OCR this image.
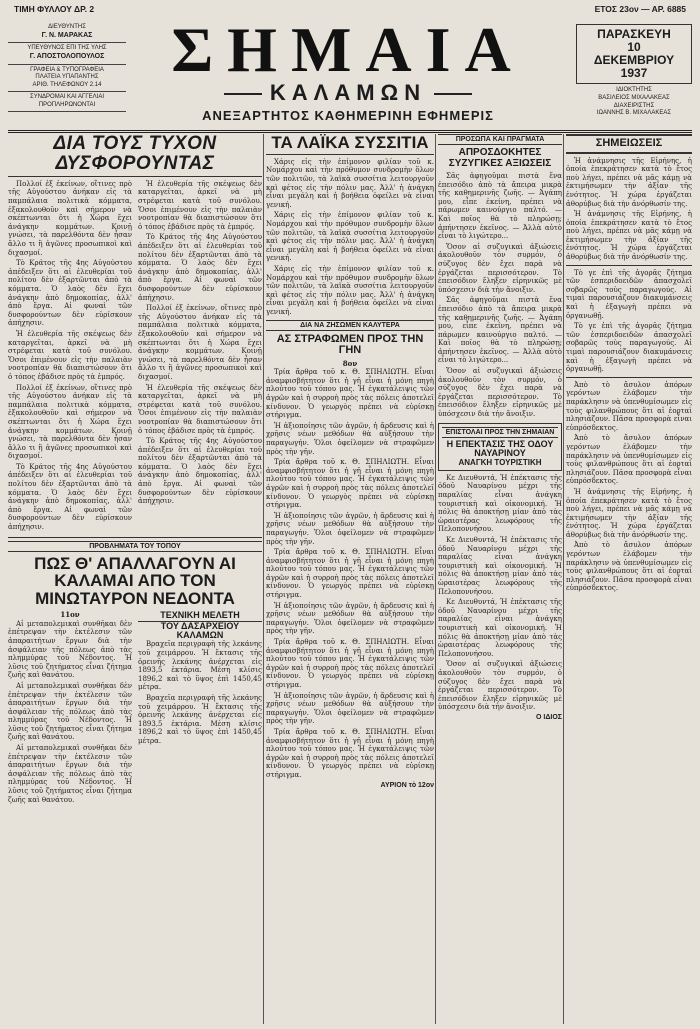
ΤΙΜΗ ΦΥΛΛΟΥ ΔΡ. 2	ΕΤΟΣ 23ον — ΑΡ. 6885
ΔΙΕΥΘΥΝΤΗΣ
Γ. Ν. ΜΑΡΑΚΑΣ
ΥΠΕΥΘΥΝΟΣ ΕΠΙ ΤΗΣ ΥΛΗΣ
Γ. ΑΠΟΣΤΟΛΟΠΟΥΛΟΣ
ΓΡΑΦΕΙΑ & ΤΥΠΟΓΡΑΦΕΙΑ
ΠΛΑΤΕΙΑ ΥΠΑΠΑΝΤΗΣ
ΑΡΙΘ. ΤΗΛΕΦΩΝΟΥ 2.14
ΣΥΝΔΡΟΜΑΙ ΚΑΙ ΑΓΓΕΛΙΑΙ ΠΡΟΠΛΗΡΩΝΟΝΤΑΙ
ΣΗΜΑΙΑ
ΚΑΛΑΜΩΝ
ΑΝΕΞΑΡΤΗΤΟΣ ΚΑΘΗΜΕΡΙΝΗ ΕΦΗΜΕΡΙΣ
ΠΑΡΑΣΚΕΥΗ
10
ΔΕΚΕΜΒΡΙΟΥ
1937
ΙΔΙΟΚΤΗΤΗΣ
ΒΑΣΙΛΕΙΟΣ ΜΙΧΑΛΑΚΕΑΣ
ΔΙΑΧΕΙΡΙΣΤΗΣ
ΙΩΑΝΝΗΣ Β. ΜΙΧΑΛΑΚΕΑΣ
ΔΙΑ ΤΟΥΣ ΤΥΧΟΝ ΔΥΣΦΟΡΟΥΝΤΑΣ

Πολλοί ἐξ ἐκείνων, οἵτινες πρὸ τῆς Αὐγούστου ἀνήκαν εἰς τὰ παμπάλαια πολιτικὰ κόμματα, ἐξακολουθοῦν καὶ σήμερον νὰ σκέπτωνται ὅτι ἡ Χώρα ἔχει ἀνάγκην κομμάτων. Κοινῇ γνώσει, τὰ παρελθόντα δὲν ἦσαν ἄλλο τι ἢ ἀγῶνες προσωπικοὶ καὶ διχασμοί.

Τὸ Κράτος τῆς 4ης Αὐγούστου ἀπέδειξεν ὅτι αἱ ἐλευθερίαι τοῦ πολίτου δὲν ἐξαρτῶνται ἀπὸ τὰ κόμματα. Ὁ λαὸς δὲν ἔχει ἀνάγκην ἀπὸ δημοκοπίας, ἀλλ' ἀπὸ ἔργα. Αἱ φωναὶ τῶν δυσφορούντων δὲν εὑρίσκουν ἀπήχησιν.

Ἡ ἐλευθερία τῆς σκέψεως δὲν καταργεῖται, ἀρκεῖ νὰ μὴ στρέφεται κατὰ τοῦ συνόλου. Ὅσοι ἐπιμένουν εἰς τὴν παλαιὰν νοοτροπίαν θὰ διαπιστώσουν ὅτι ὁ τόπος ἐβάδισε πρὸς τὰ ἐμπρός.

Πολλοί ἐξ ἐκείνων, οἵτινες πρὸ τῆς Αὐγούστου ἀνήκαν εἰς τὰ παμπάλαια πολιτικὰ κόμματα, ἐξακολουθοῦν καὶ σήμερον νὰ σκέπτωνται ὅτι ἡ Χώρα ἔχει ἀνάγκην κομμάτων. Κοινῇ γνώσει, τὰ παρελθόντα δὲν ἦσαν ἄλλο τι ἢ ἀγῶνες προσωπικοὶ καὶ διχασμοί.

Τὸ Κράτος τῆς 4ης Αὐγούστου ἀπέδειξεν ὅτι αἱ ἐλευθερίαι τοῦ πολίτου δὲν ἐξαρτῶνται ἀπὸ τὰ κόμματα. Ὁ λαὸς δὲν ἔχει ἀνάγκην ἀπὸ δημοκοπίας, ἀλλ' ἀπὸ ἔργα. Αἱ φωναὶ τῶν δυσφορούντων δὲν εὑρίσκουν ἀπήχησιν.

Ἡ ἐλευθερία τῆς σκέψεως δὲν καταργεῖται, ἀρκεῖ νὰ μὴ στρέφεται κατὰ τοῦ συνόλου. Ὅσοι ἐπιμένουν εἰς τὴν παλαιὰν νοοτροπίαν θὰ διαπιστώσουν ὅτι ὁ τόπος ἐβάδισε πρὸς τὰ ἐμπρός.

Τὸ Κράτος τῆς 4ης Αὐγούστου ἀπέδειξεν ὅτι αἱ ἐλευθερίαι τοῦ πολίτου δὲν ἐξαρτῶνται ἀπὸ τὰ κόμματα. Ὁ λαὸς δὲν ἔχει ἀνάγκην ἀπὸ δημοκοπίας, ἀλλ' ἀπὸ ἔργα. Αἱ φωναὶ τῶν δυσφορούντων δὲν εὑρίσκουν ἀπήχησιν.

Πολλοί ἐξ ἐκείνων, οἵτινες πρὸ τῆς Αὐγούστου ἀνήκαν εἰς τὰ παμπάλαια πολιτικὰ κόμματα, ἐξακολουθοῦν καὶ σήμερον νὰ σκέπτωνται ὅτι ἡ Χώρα ἔχει ἀνάγκην κομμάτων. Κοινῇ γνώσει, τὰ παρελθόντα δὲν ἦσαν ἄλλο τι ἢ ἀγῶνες προσωπικοὶ καὶ διχασμοί.

Ἡ ἐλευθερία τῆς σκέψεως δὲν καταργεῖται, ἀρκεῖ νὰ μὴ στρέφεται κατὰ τοῦ συνόλου. Ὅσοι ἐπιμένουν εἰς τὴν παλαιὰν νοοτροπίαν θὰ διαπιστώσουν ὅτι ὁ τόπος ἐβάδισε πρὸς τὰ ἐμπρός.

Τὸ Κράτος τῆς 4ης Αὐγούστου ἀπέδειξεν ὅτι αἱ ἐλευθερίαι τοῦ πολίτου δὲν ἐξαρτῶνται ἀπὸ τὰ κόμματα. Ὁ λαὸς δὲν ἔχει ἀνάγκην ἀπὸ δημοκοπίας, ἀλλ' ἀπὸ ἔργα. Αἱ φωναὶ τῶν δυσφορούντων δὲν εὑρίσκουν ἀπήχησιν.

ΠΡΟΒΛΗΜΑΤΑ ΤΟΥ ΤΟΠΟΥ
ΠΩΣ Θ' ΑΠΑΛΛΑΓΟΥΝ ΑΙ ΚΑΛΑΜΑΙ ΑΠΟ ΤΟΝ ΜΙΝΩΤΑΥΡΟΝ ΝΕΔΟΝΤΑ
11ον

Αἱ μεταπολεμικαὶ συνθῆκαι δὲν ἐπέτρεψαν τὴν ἐκτέλεσιν τῶν ἀπαραιτήτων ἔργων διὰ τὴν ἀσφάλειαν τῆς πόλεως ἀπὸ τὰς πλημμύρας τοῦ Νέδοντος. Ἡ λῦσις τοῦ ζητήματος εἶναι ζήτημα ζωῆς καὶ θανάτου.

Αἱ μεταπολεμικαὶ συνθῆκαι δὲν ἐπέτρεψαν τὴν ἐκτέλεσιν τῶν ἀπαραιτήτων ἔργων διὰ τὴν ἀσφάλειαν τῆς πόλεως ἀπὸ τὰς πλημμύρας τοῦ Νέδοντος. Ἡ λῦσις τοῦ ζητήματος εἶναι ζήτημα ζωῆς καὶ θανάτου.

Αἱ μεταπολεμικαὶ συνθῆκαι δὲν ἐπέτρεψαν τὴν ἐκτέλεσιν τῶν ἀπαραιτήτων ἔργων διὰ τὴν ἀσφάλειαν τῆς πόλεως ἀπὸ τὰς πλημμύρας τοῦ Νέδοντος. Ἡ λῦσις τοῦ ζητήματος εἶναι ζήτημα ζωῆς καὶ θανάτου.

ΤΕΧΝΙΚΗ ΜΕΛΕΤΗ
ΤΟΥ ΔΑΣΑΡΧΕΙΟΥ ΚΑΛΑΜΩΝ

Βραχεῖα περιγραφὴ τῆς λεκάνης τοῦ χειμάρρου. Ἡ ἔκτασις τῆς ὀρεινῆς λεκάνης ἀνέρχεται εἰς 1893,5 ἑκτάρια. Μέση κλίσις 1896,2 καὶ τὸ ὕψος ἐπὶ 1450,45 μέτρα.

Βραχεῖα περιγραφὴ τῆς λεκάνης τοῦ χειμάρρου. Ἡ ἔκτασις τῆς ὀρεινῆς λεκάνης ἀνέρχεται εἰς 1893,5 ἑκτάρια. Μέση κλίσις 1896,2 καὶ τὸ ὕψος ἐπὶ 1450,45 μέτρα.

ΤΑ ΛΑΪΚΑ ΣΥΣΣΙΤΙΑ

Χάρις εἰς τὴν ἐπίμονον φιλίαν τοῦ κ. Νομάρχου καὶ τὴν πρόθυμον συνδρομὴν ὅλων τῶν πολιτῶν, τὰ λαϊκὰ συσσίτια λειτουργοῦν καὶ φέτος εἰς τὴν πόλιν μας. Ἀλλ' ἡ ἀνάγκη εἶναι μεγάλη καὶ ἡ βοήθεια ὀφείλει νὰ εἶναι γενική.

Χάρις εἰς τὴν ἐπίμονον φιλίαν τοῦ κ. Νομάρχου καὶ τὴν πρόθυμον συνδρομὴν ὅλων τῶν πολιτῶν, τὰ λαϊκὰ συσσίτια λειτουργοῦν καὶ φέτος εἰς τὴν πόλιν μας. Ἀλλ' ἡ ἀνάγκη εἶναι μεγάλη καὶ ἡ βοήθεια ὀφείλει νὰ εἶναι γενική.

Χάρις εἰς τὴν ἐπίμονον φιλίαν τοῦ κ. Νομάρχου καὶ τὴν πρόθυμον συνδρομὴν ὅλων τῶν πολιτῶν, τὰ λαϊκὰ συσσίτια λειτουργοῦν καὶ φέτος εἰς τὴν πόλιν μας. Ἀλλ' ἡ ἀνάγκη εἶναι μεγάλη καὶ ἡ βοήθεια ὀφείλει νὰ εἶναι γενική.

ΔΙΑ ΝΑ ΖΗΣΩΜΕΝ ΚΑΛΥΤΕΡΑ
ΑΣ ΣΤΡΑΦΩΜΕΝ ΠΡΟΣ ΤΗΝ ΓΗΝ
8ον

Τρία ἄρθρα τοῦ κ. Θ. ΣΠΗΛΙΩΤΗ. Εἶναι ἀναμφισβήτητον ὅτι ἡ γῆ εἶναι ἡ μόνη πηγὴ πλούτου τοῦ τόπου μας. Ἡ ἐγκατάλειψις τῶν ἀγρῶν καὶ ἡ συρροὴ πρὸς τὰς πόλεις ἀποτελεῖ κίνδυνον. Ὁ γεωργὸς πρέπει νὰ εὑρίσκῃ στήριγμα.

Ἡ ἀξιοποίησις τῶν ἀγρῶν, ἡ ἄρδευσις καὶ ἡ χρῆσις νέων μεθόδων θὰ αὐξήσουν τὴν παραγωγήν. Ὅλοι ὀφείλομεν νὰ στραφῶμεν πρὸς τὴν γῆν.

Τρία ἄρθρα τοῦ κ. Θ. ΣΠΗΛΙΩΤΗ. Εἶναι ἀναμφισβήτητον ὅτι ἡ γῆ εἶναι ἡ μόνη πηγὴ πλούτου τοῦ τόπου μας. Ἡ ἐγκατάλειψις τῶν ἀγρῶν καὶ ἡ συρροὴ πρὸς τὰς πόλεις ἀποτελεῖ κίνδυνον. Ὁ γεωργὸς πρέπει νὰ εὑρίσκῃ στήριγμα.

Ἡ ἀξιοποίησις τῶν ἀγρῶν, ἡ ἄρδευσις καὶ ἡ χρῆσις νέων μεθόδων θὰ αὐξήσουν τὴν παραγωγήν. Ὅλοι ὀφείλομεν νὰ στραφῶμεν πρὸς τὴν γῆν.

Τρία ἄρθρα τοῦ κ. Θ. ΣΠΗΛΙΩΤΗ. Εἶναι ἀναμφισβήτητον ὅτι ἡ γῆ εἶναι ἡ μόνη πηγὴ πλούτου τοῦ τόπου μας. Ἡ ἐγκατάλειψις τῶν ἀγρῶν καὶ ἡ συρροὴ πρὸς τὰς πόλεις ἀποτελεῖ κίνδυνον. Ὁ γεωργὸς πρέπει νὰ εὑρίσκῃ στήριγμα.

Ἡ ἀξιοποίησις τῶν ἀγρῶν, ἡ ἄρδευσις καὶ ἡ χρῆσις νέων μεθόδων θὰ αὐξήσουν τὴν παραγωγήν. Ὅλοι ὀφείλομεν νὰ στραφῶμεν πρὸς τὴν γῆν.

Τρία ἄρθρα τοῦ κ. Θ. ΣΠΗΛΙΩΤΗ. Εἶναι ἀναμφισβήτητον ὅτι ἡ γῆ εἶναι ἡ μόνη πηγὴ πλούτου τοῦ τόπου μας. Ἡ ἐγκατάλειψις τῶν ἀγρῶν καὶ ἡ συρροὴ πρὸς τὰς πόλεις ἀποτελεῖ κίνδυνον. Ὁ γεωργὸς πρέπει νὰ εὑρίσκῃ στήριγμα.

Ἡ ἀξιοποίησις τῶν ἀγρῶν, ἡ ἄρδευσις καὶ ἡ χρῆσις νέων μεθόδων θὰ αὐξήσουν τὴν παραγωγήν. Ὅλοι ὀφείλομεν νὰ στραφῶμεν πρὸς τὴν γῆν.

Τρία ἄρθρα τοῦ κ. Θ. ΣΠΗΛΙΩΤΗ. Εἶναι ἀναμφισβήτητον ὅτι ἡ γῆ εἶναι ἡ μόνη πηγὴ πλούτου τοῦ τόπου μας. Ἡ ἐγκατάλειψις τῶν ἀγρῶν καὶ ἡ συρροὴ πρὸς τὰς πόλεις ἀποτελεῖ κίνδυνον. Ὁ γεωργὸς πρέπει νὰ εὑρίσκῃ στήριγμα.

ΑΥΡΙΟΝ τὸ 12ον
ΠΡΟΣΩΠΑ ΚΑΙ ΠΡΑΓΜΑΤΑ
ΑΠΡΟΣΔΟΚΗΤΕΣ ΣΥΖΥΓΙΚΕΣ ΑΞΙΩΣΕΙΣ

Σᾶς ἀφηγοῦμαι πιστὰ ἕνα ἐπεισόδιο ἀπὸ τὰ ἄπειρα μικρὰ τῆς καθημερινῆς ζωῆς. — Ἀγάπη μου, εἶπε ἐκείνη, πρέπει νὰ πάρωμεν καινούργιο παλτό. — Καὶ ποῖος θὰ τὸ πληρώσῃ; ἀπήντησεν ἐκεῖνος. — Ἀλλὰ αὐτὸ εἶναι τὸ λιγώτερο...

Ὅσον αἱ συζυγικαὶ ἀξιώσεις ἀκολουθοῦν τὸν συρμόν, ὁ σύζυγος δὲν ἔχει παρὰ νὰ ἐργάζεται περισσότερον. Τὸ ἐπεισόδιον ἔληξεν εἰρηνικῶς μὲ ὑπόσχεσιν διὰ τὴν ἄνοιξιν.

Σᾶς ἀφηγοῦμαι πιστὰ ἕνα ἐπεισόδιο ἀπὸ τὰ ἄπειρα μικρὰ τῆς καθημερινῆς ζωῆς. — Ἀγάπη μου, εἶπε ἐκείνη, πρέπει νὰ πάρωμεν καινούργιο παλτό. — Καὶ ποῖος θὰ τὸ πληρώσῃ; ἀπήντησεν ἐκεῖνος. — Ἀλλὰ αὐτὸ εἶναι τὸ λιγώτερο...

Ὅσον αἱ συζυγικαὶ ἀξιώσεις ἀκολουθοῦν τὸν συρμόν, ὁ σύζυγος δὲν ἔχει παρὰ νὰ ἐργάζεται περισσότερον. Τὸ ἐπεισόδιον ἔληξεν εἰρηνικῶς μὲ ὑπόσχεσιν διὰ τὴν ἄνοιξιν.

ΕΠΙΣΤΟΛΑΙ ΠΡΟΣ ΤΗΝ ΣΗΜΑΙΑΝ
Η ΕΠΕΚΤΑΣΙΣ ΤΗΣ ΟΔΟΥ ΝΑΥΑΡΙΝΟΥ
ΑΝΑΓΚΗ ΤΟΥΡΙΣΤΙΚΗ

Κε Διευθυντά, Ἡ ἐπέκτασις τῆς ὁδοῦ Ναυαρίνου μέχρι τῆς παραλίας εἶναι ἀνάγκη τουριστικὴ καὶ οἰκονομική. Ἡ πόλις θὰ ἀποκτήσῃ μίαν ἀπὸ τὰς ὡραιοτέρας λεωφόρους τῆς Πελοποννήσου.

Κε Διευθυντά, Ἡ ἐπέκτασις τῆς ὁδοῦ Ναυαρίνου μέχρι τῆς παραλίας εἶναι ἀνάγκη τουριστικὴ καὶ οἰκονομική. Ἡ πόλις θὰ ἀποκτήσῃ μίαν ἀπὸ τὰς ὡραιοτέρας λεωφόρους τῆς Πελοποννήσου.

Κε Διευθυντά, Ἡ ἐπέκτασις τῆς ὁδοῦ Ναυαρίνου μέχρι τῆς παραλίας εἶναι ἀνάγκη τουριστικὴ καὶ οἰκονομική. Ἡ πόλις θὰ ἀποκτήσῃ μίαν ἀπὸ τὰς ὡραιοτέρας λεωφόρους τῆς Πελοποννήσου.

Ὅσον αἱ συζυγικαὶ ἀξιώσεις ἀκολουθοῦν τὸν συρμόν, ὁ σύζυγος δὲν ἔχει παρὰ νὰ ἐργάζεται περισσότερον. Τὸ ἐπεισόδιον ἔληξεν εἰρηνικῶς μὲ ὑπόσχεσιν διὰ τὴν ἄνοιξιν.

Ο ΙΔΙΟΣ
ΣΗΜΕΙΩΣΕΙΣ

Ἡ ἀνάμνησις τῆς Εἰρήνης, ἡ ὁποία ἐπεκράτησεν κατὰ τὸ ἔτος ποὺ λήγει, πρέπει νὰ μᾶς κάμῃ νὰ ἐκτιμήσωμεν τὴν ἀξίαν τῆς ἑνότητος. Ἡ χώρα ἐργάζεται ἀθορύβως διὰ τὴν ἀνόρθωσίν της.

Ἡ ἀνάμνησις τῆς Εἰρήνης, ἡ ὁποία ἐπεκράτησεν κατὰ τὸ ἔτος ποὺ λήγει, πρέπει νὰ μᾶς κάμῃ νὰ ἐκτιμήσωμεν τὴν ἀξίαν τῆς ἑνότητος. Ἡ χώρα ἐργάζεται ἀθορύβως διὰ τὴν ἀνόρθωσίν της.

Τὸ γε ἐπὶ τῆς ἀγορᾶς ζήτημα τῶν ἐσπεριδοειδῶν ἀπασχολεῖ σοβαρῶς τοὺς παραγωγούς. Αἱ τιμαὶ παρουσιάζουν διακυμάνσεις καὶ ἡ ἐξαγωγὴ πρέπει νὰ ὀργανωθῇ.

Τὸ γε ἐπὶ τῆς ἀγορᾶς ζήτημα τῶν ἐσπεριδοειδῶν ἀπασχολεῖ σοβαρῶς τοὺς παραγωγούς. Αἱ τιμαὶ παρουσιάζουν διακυμάνσεις καὶ ἡ ἐξαγωγὴ πρέπει νὰ ὀργανωθῇ.

Ἀπὸ τὸ ἄσυλον ἀπόρων γερόντων ἐλάβομεν τὴν παράκλησιν νὰ ὑπενθυμίσωμεν εἰς τοὺς φιλανθρώπους ὅτι αἱ ἑορταὶ πλησιάζουν. Πᾶσα προσφορὰ εἶναι εὐπρόσδεκτος.

Ἀπὸ τὸ ἄσυλον ἀπόρων γερόντων ἐλάβομεν τὴν παράκλησιν νὰ ὑπενθυμίσωμεν εἰς τοὺς φιλανθρώπους ὅτι αἱ ἑορταὶ πλησιάζουν. Πᾶσα προσφορὰ εἶναι εὐπρόσδεκτος.

Ἡ ἀνάμνησις τῆς Εἰρήνης, ἡ ὁποία ἐπεκράτησεν κατὰ τὸ ἔτος ποὺ λήγει, πρέπει νὰ μᾶς κάμῃ νὰ ἐκτιμήσωμεν τὴν ἀξίαν τῆς ἑνότητος. Ἡ χώρα ἐργάζεται ἀθορύβως διὰ τὴν ἀνόρθωσίν της.

Ἀπὸ τὸ ἄσυλον ἀπόρων γερόντων ἐλάβομεν τὴν παράκλησιν νὰ ὑπενθυμίσωμεν εἰς τοὺς φιλανθρώπους ὅτι αἱ ἑορταὶ πλησιάζουν. Πᾶσα προσφορὰ εἶναι εὐπρόσδεκτος.
